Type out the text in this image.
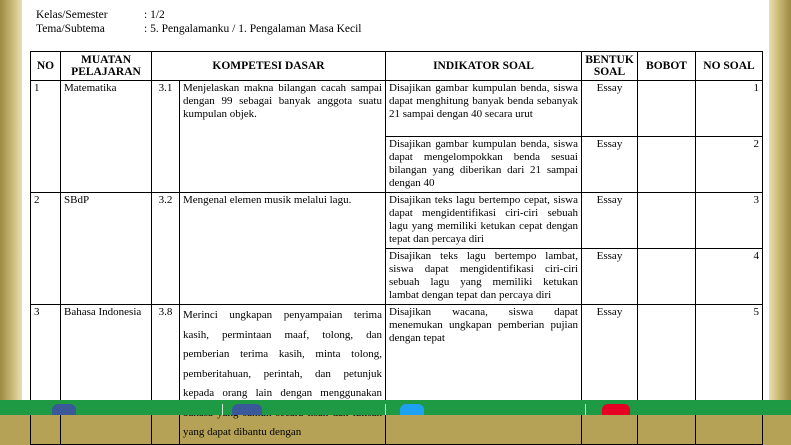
Kelas/Semester	: 1/2
Tema/Subtema	: 5. Pengalamanku / 1. Pengalaman Masa Kecil
NO	MUATAN PELAJARAN	KOMPETESI DASAR		INDIKATOR SOAL	BENTUK SOAL	BOBOT	NO SOAL
1	Matematika	3.1	Menjelaskan makna bilangan cacah sampai dengan 99 sebagai banyak anggota suatu kumpulan objek.	Disajikan gambar kumpulan benda, siswa dapat menghitung banyak benda sebanyak 21 sampai dengan 40 secara urut	Essay		1
				Disajikan gambar kumpulan benda, siswa dapat mengelompokkan benda sesuai bilangan yang diberikan dari 21 sampai dengan 40	Essay		2
2	SBdP	3.2	Mengenal elemen musik melalui lagu.	Disajikan teks lagu bertempo cepat, siswa dapat mengidentifikasi ciri-ciri sebuah lagu yang memiliki ketukan cepat dengan tepat dan percaya diri	Essay		3
				Disajikan teks lagu bertempo lambat, siswa dapat mengidentifikasi ciri-ciri sebuah lagu yang memiliki ketukan lambat dengan tepat dan percaya diri	Essay		4
3	Bahasa Indonesia	3.8	Merinci ungkapan penyampaian terima kasih, permintaan maaf, tolong, dan pemberian terima kasih, minta tolong, pemberitahuan, perintah, dan petunjuk kepada orang lain dengan menggunakan yang dapat dibantu dengan	Disajikan wacana, siswa dapat menemukan ungkapan pemberian pujian dengan tepat	Essay		5
